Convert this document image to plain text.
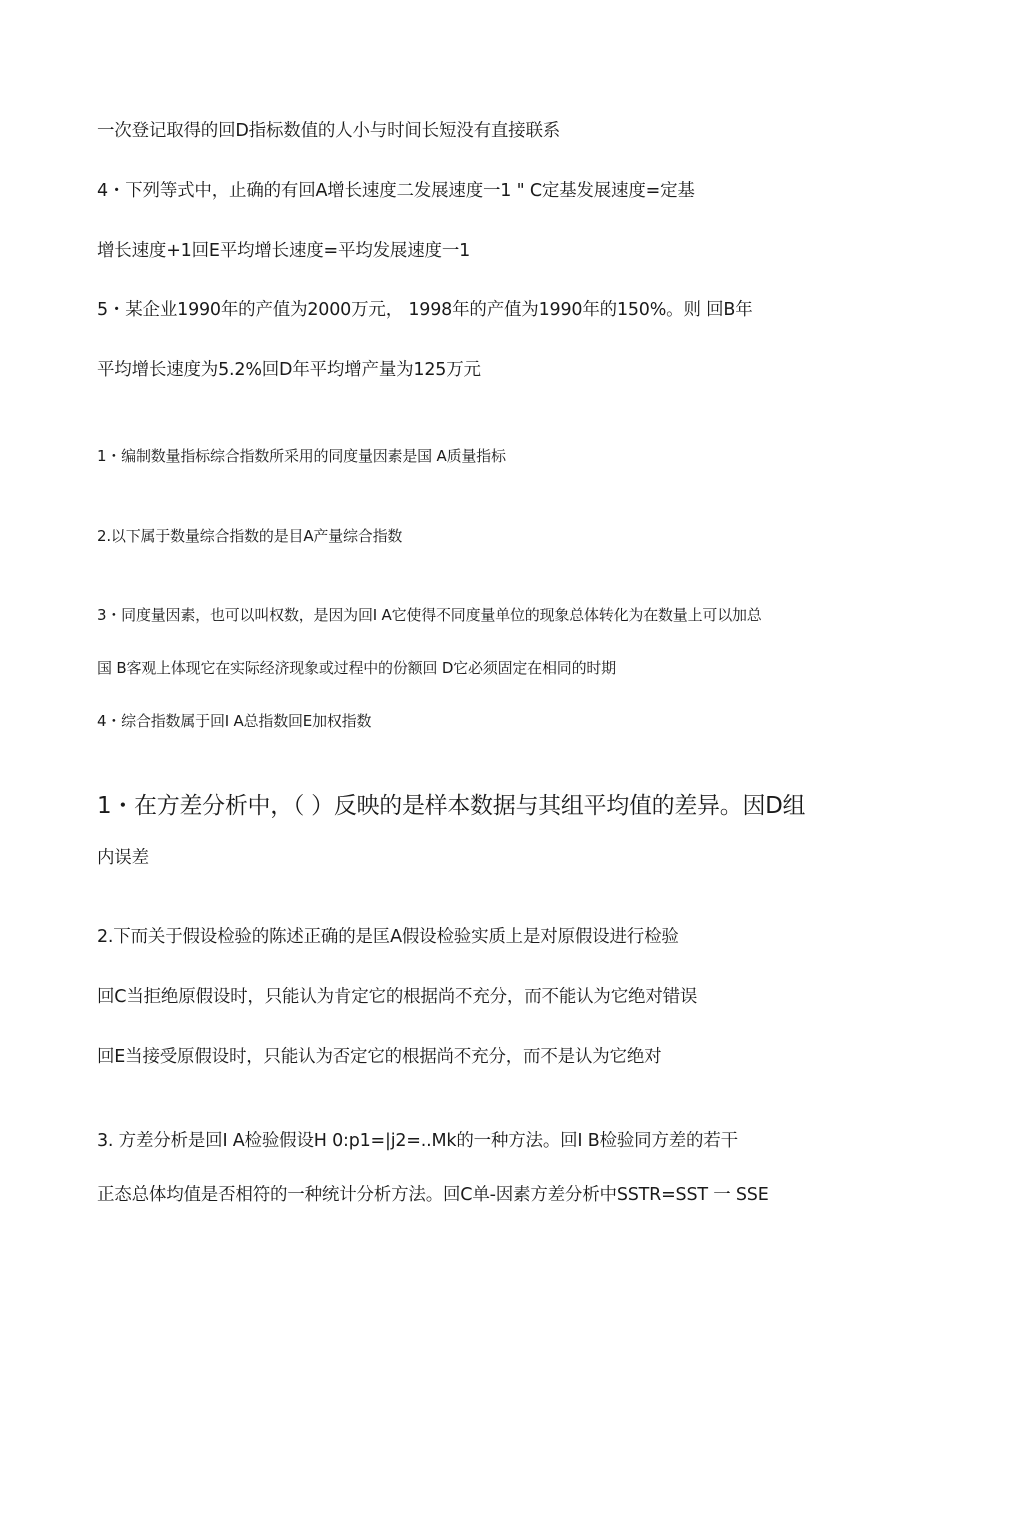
一次登记取得的回D指标数值的人小与时间长短没有直接联系
4・下列等式中，止确的有回A增长速度二发展速度一1 " C定基发展速度=定基
增长速度+1回E平均增长速度=平均发展速度一1
5・某企业1990年的产值为2000万元， 1998年的产值为1990年的150%。则 回B年
平均增长速度为5.2%回D年平均增产量为125万元
1・编制数量指标综合指数所采用的同度量因素是国 A质量指标
2.以下属于数量综合指数的是目A产量综合指数
3・同度量因素，也可以叫权数，是因为回I A它使得不同度量单位的现象总体转化为在数量上可以加总
国 B客观上体现它在实际经济现象或过程中的份额回 D它必须固定在相同的时期
4・综合指数属于回I A总指数回E加权指数
1・在方差分析中，（ ）反映的是样本数据与其组平均值的差异。因D组
内误差
2.下而关于假设检验的陈述正确的是匡A假设检验实质上是对原假设进行检验
回C当拒绝原假设时，只能认为肯定它的根据尚不充分，而不能认为它绝对错误
回E当接受原假设时，只能认为否定它的根据尚不充分，而不是认为它绝对
3. 方差分析是回I A检验假设H 0:p1=|j2=..Mk的一种方法。回I B检验同方差的若干
正态总体均值是否相符的一种统计分析方法。回C单-因素方差分析中SSTR=SST 一 SSE
